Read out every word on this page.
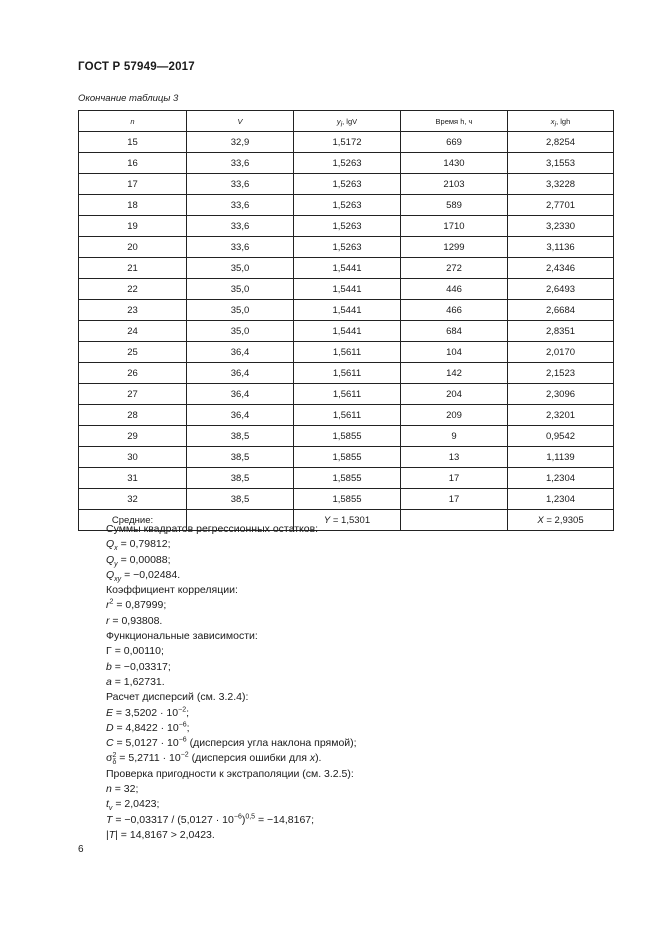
ГОСТ Р 57949—2017
Окончание таблицы 3
n	V	$y_i$, lgV	Время h, ч	$x_i$, lgh
15	32,9	1,5172	669	2,8254
16	33,6	1,5263	1430	3,1553
17	33,6	1,5263	2103	3,3228
18	33,6	1,5263	589	2,7701
19	33,6	1,5263	1710	3,2330
20	33,6	1,5263	1299	3,1136
21	35,0	1,5441	272	2,4346
22	35,0	1,5441	446	2,6493
23	35,0	1,5441	466	2,6684
24	35,0	1,5441	684	2,8351
25	36,4	1,5611	104	2,0170
26	36,4	1,5611	142	2,1523
27	36,4	1,5611	204	2,3096
28	36,4	1,5611	209	2,3201
29	38,5	1,5855	9	0,9542
30	38,5	1,5855	13	1,1139
31	38,5	1,5855	17	1,2304
32	38,5	1,5855	17	1,2304
Средние:		Y = 1,5301		X = 2,9305
Суммы квадратов регрессионных остатков:
$Q_x = 0,79812$;
$Q_y = 0,00088$;
$Q_{xy} = -0,02484$.
Коэффициент корреляции:
$r^2 = 0,87999$;
r = 0,93808.
Функциональные зависимости:
Γ = 0,00110;
b = −0,03317;
a = 1,62731.
Расчет дисперсий (см. 3.2.4):
$E = 3,5202 \cdot 10^{-2}$;
$D = 4,8422 \cdot 10^{-6}$;
$C = 5,0127 \cdot 10^{-6}$ (дисперсия угла наклона прямой);
σ 2
$\delta = 5,2711 \cdot 10^{-2}$ (дисперсия ошибки для x).
Проверка пригодности к экстраполяции (см. 3.2.5):
n = 32;
$t_v = 2,0423$;
$T = -0,03317 / (5,0127 \cdot 10^{-6})^{0,5} = -14,8167$;
|T| = 14,8167 > 2,0423.
6
